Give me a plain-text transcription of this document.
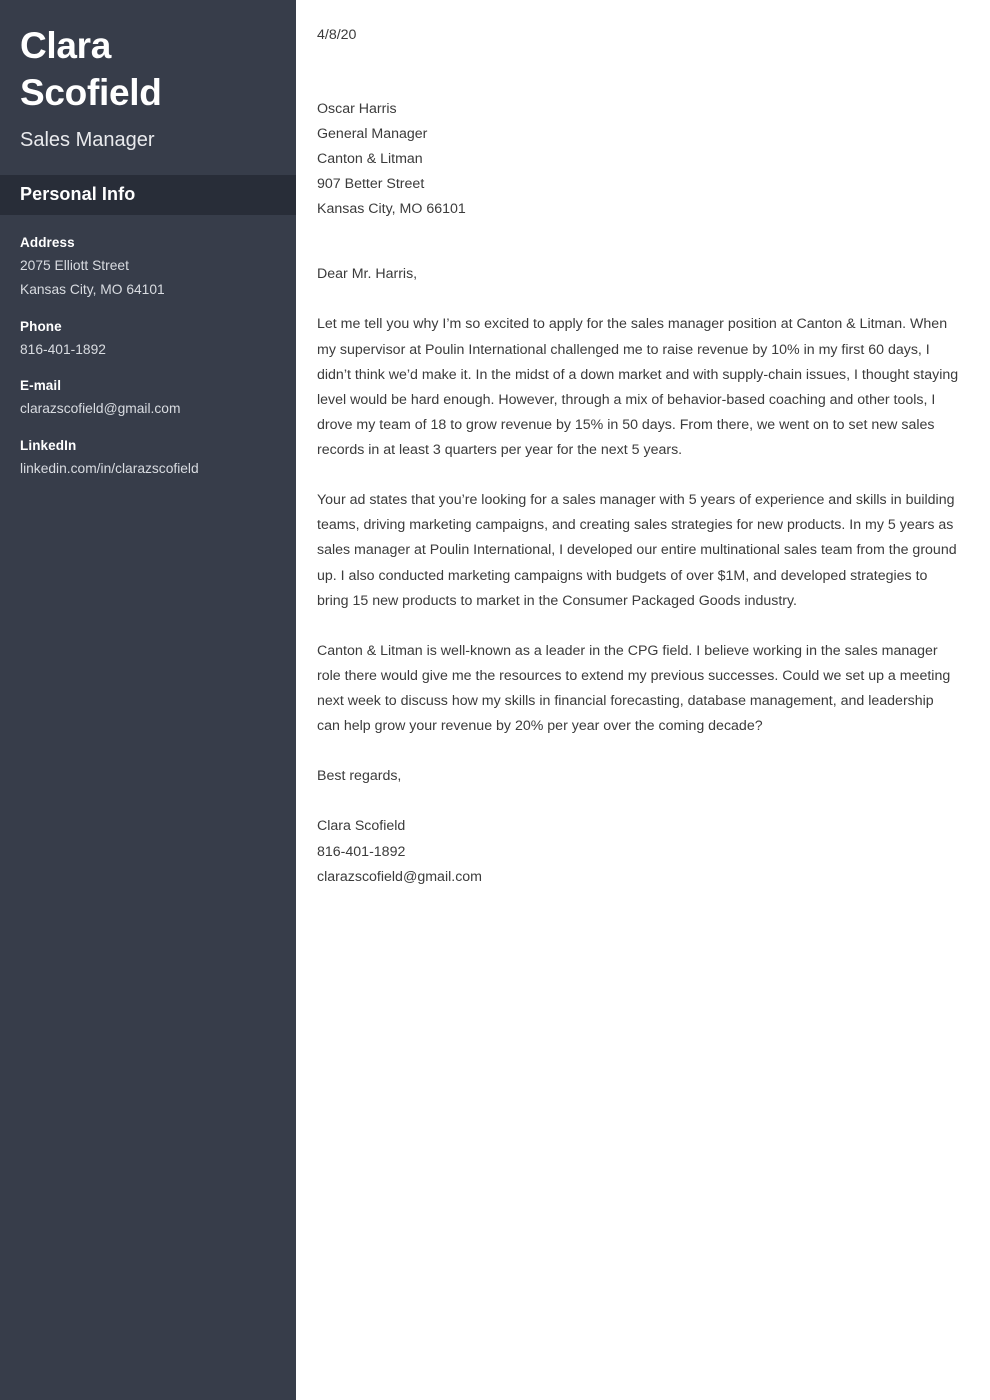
Clara Scofield
Sales Manager
Personal Info
Address
2075 Elliott Street
Kansas City, MO 64101
Phone
816-401-1892
E-mail
clarazscofield@gmail.com
LinkedIn
linkedin.com/in/clarazscofield
4/8/20
Oscar Harris
General Manager
Canton & Litman
907 Better Street
Kansas City, MO 66101
Dear Mr. Harris,

Let me tell you why I’m so excited to apply for the sales manager position at Canton & Litman. When my supervisor at Poulin International challenged me to raise revenue by 10% in my first 60 days, I didn’t think we’d make it. In the midst of a down market and with supply-chain issues, I thought staying level would be hard enough. However, through a mix of behavior-based coaching and other tools, I drove my team of 18 to grow revenue by 15% in 50 days. From there, we went on to set new sales records in at least 3 quarters per year for the next 5 years.

Your ad states that you’re looking for a sales manager with 5 years of experience and skills in building teams, driving marketing campaigns, and creating sales strategies for new products. In my 5 years as sales manager at Poulin International, I developed our entire multinational sales team from the ground up. I also conducted marketing campaigns with budgets of over $1M, and developed strategies to bring 15 new products to market in the Consumer Packaged Goods industry.

Canton & Litman is well-known as a leader in the CPG field. I believe working in the sales manager role there would give me the resources to extend my previous successes. Could we set up a meeting next week to discuss how my skills in financial forecasting, database management, and leadership can help grow your revenue by 20% per year over the coming decade?

Best regards,
Clara Scofield
816-401-1892
clarazscofield@gmail.com
